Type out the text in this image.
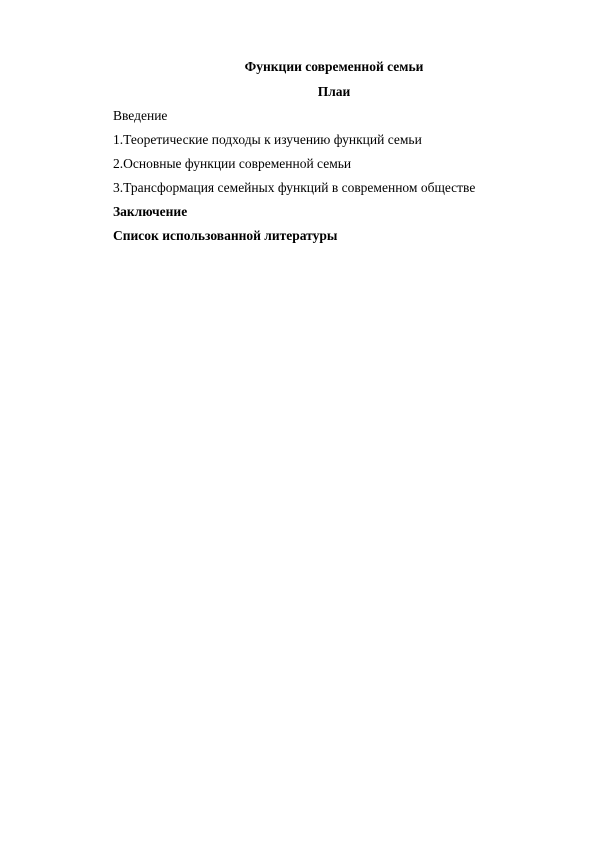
Функции современной семьи
Плаи
Введение
1.Теоретические подходы к изучению функций семьи
2.Основные функции современной семьи
3.Трансформация семейных функций в современном обществе
Заключение
Список использованной литературы
